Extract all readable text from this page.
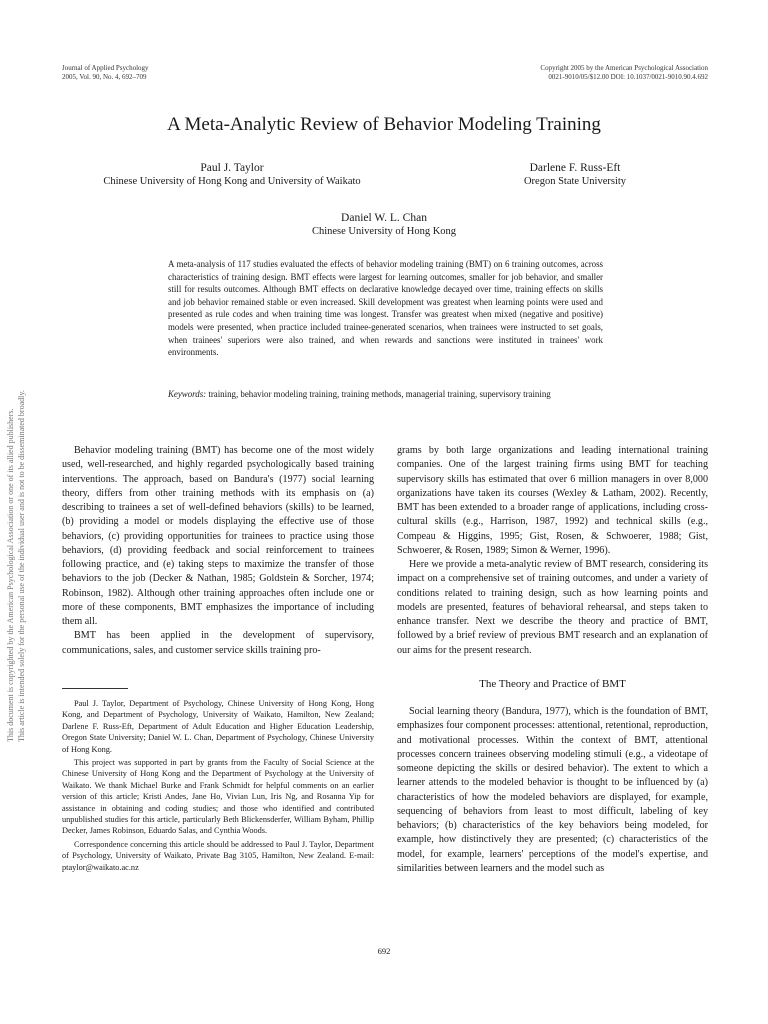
Journal of Applied Psychology
2005, Vol. 90, No. 4, 692–709
Copyright 2005 by the American Psychological Association
0021-9010/05/$12.00 DOI: 10.1037/0021-9010.90.4.692
A Meta-Analytic Review of Behavior Modeling Training
Paul J. Taylor
Chinese University of Hong Kong and University of Waikato
Darlene F. Russ-Eft
Oregon State University
Daniel W. L. Chan
Chinese University of Hong Kong
A meta-analysis of 117 studies evaluated the effects of behavior modeling training (BMT) on 6 training outcomes, across characteristics of training design. BMT effects were largest for learning outcomes, smaller for job behavior, and smaller still for results outcomes. Although BMT effects on declarative knowledge decayed over time, training effects on skills and job behavior remained stable or even increased. Skill development was greatest when learning points were used and presented as rule codes and when training time was longest. Transfer was greatest when mixed (negative and positive) models were presented, when practice included trainee-generated scenarios, when trainees were instructed to set goals, when trainees' superiors were also trained, and when rewards and sanctions were instituted in trainees' work environments.
Keywords: training, behavior modeling training, training methods, managerial training, supervisory training
This document is copyrighted by the American Psychological Association or one of its allied publishers. This article is intended solely for the personal use of the individual user and is not to be disseminated broadly.	Behavior modeling training (BMT) has become one of the most widely used, well-researched, and highly regarded psychologically based training interventions. The approach, based on Bandura's (1977) social learning theory, differs from other training methods with its emphasis on (a) describing to trainees a set of well-defined behaviors (skills) to be learned, (b) providing a model or models displaying the effective use of those behaviors, (c) providing opportunities for trainees to practice using those behaviors, (d) providing feedback and social reinforcement to trainees following practice, and (e) taking steps to maximize the transfer of those behaviors to the job (Decker & Nathan, 1985; Goldstein & Sorcher, 1974; Robinson, 1982). Although other training approaches often include one or more of these components, BMT emphasizes the importance of including them all.

BMT has been applied in the development of supervisory, communications, sales, and customer service skills training pro-

Paul J. Taylor, Department of Psychology, Chinese University of Hong Kong, Hong Kong, and Department of Psychology, University of Waikato, Hamilton, New Zealand; Darlene F. Russ-Eft, Department of Adult Education and Higher Education Leadership, Oregon State University; Daniel W. L. Chan, Department of Psychology, Chinese University of Hong Kong.

This project was supported in part by grants from the Faculty of Social Science at the Chinese University of Hong Kong and the Department of Psychology at the University of Waikato. We thank Michael Burke and Frank Schmidt for helpful comments on an earlier version of this article; Kristi Andes, Jane Ho, Vivian Lun, Iris Ng, and Rosanna Yip for assistance in obtaining and coding studies; and those who identified and contributed unpublished studies for this article, particularly Beth Blickensderfer, William Byham, Phillip Decker, James Robinson, Eduardo Salas, and Cynthia Woods.

Correspondence concerning this article should be addressed to Paul J. Taylor, Department of Psychology, University of Waikato, Private Bag 3105, Hamilton, New Zealand. E-mail: ptaylor@waikato.ac.nz

grams by both large organizations and leading international training companies. One of the largest training firms using BMT for teaching supervisory skills has estimated that over 6 million managers in over 8,000 organizations have taken its courses (Wexley & Latham, 2002). Recently, BMT has been extended to a broader range of applications, including cross-cultural skills (e.g., Harrison, 1987, 1992) and technical skills (e.g., Compeau & Higgins, 1995; Gist, Rosen, & Schwoerer, 1988; Gist, Schwoerer, & Rosen, 1989; Simon & Werner, 1996).

Here we provide a meta-analytic review of BMT research, considering its impact on a comprehensive set of training outcomes, and under a variety of conditions related to training design, such as how learning points and models are presented, features of behavioral rehearsal, and steps taken to enhance transfer. Next we describe the theory and practice of BMT, followed by a brief review of previous BMT research and an explanation of our aims for the present research.

The Theory and Practice of BMT

Social learning theory (Bandura, 1977), which is the foundation of BMT, emphasizes four component processes: attentional, retentional, reproduction, and motivational processes. Within the context of BMT, attentional processes concern trainees observing modeling stimuli (e.g., a videotape of someone depicting the skills or desired behavior). The extent to which a learner attends to the modeled behavior is thought to be influenced by (a) characteristics of how the modeled behaviors are displayed, for example, sequencing of behaviors from least to most difficult, labeling of key behaviors; (b) characteristics of the key behaviors being modeled, for example, how distinctively they are presented; (c) characteristics of the model, for example, learners' perceptions of the model's expertise, and similarities between learners and the model such as

692
